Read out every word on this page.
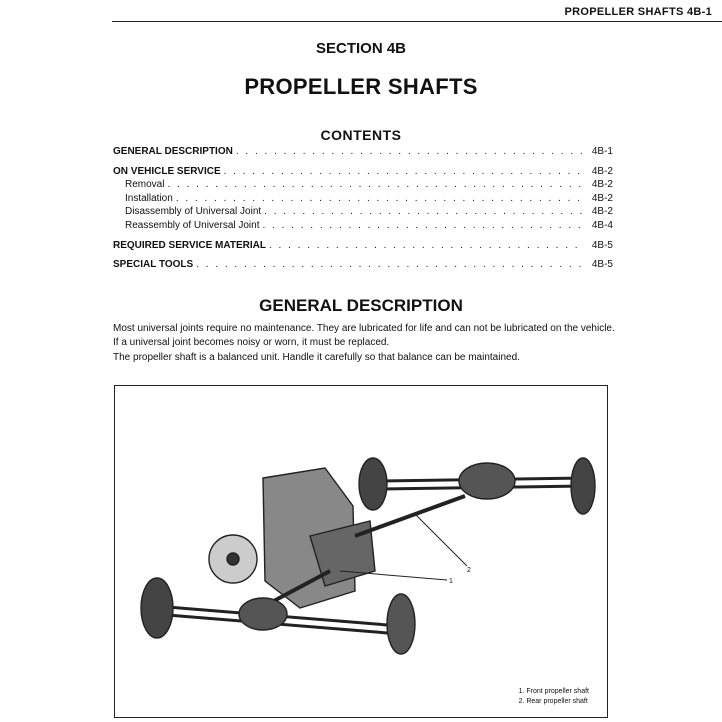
PROPELLER SHAFTS 4B-1
SECTION 4B
PROPELLER SHAFTS
CONTENTS
GENERAL DESCRIPTION . . .	4B-1
ON VEHICLE SERVICE . . .	4B-2
Removal . . .	4B-2
Installation . . .	4B-2
Disassembly of Universal Joint . . .	4B-2
Reassembly of Universal Joint . . .	4B-4
REQUIRED SERVICE MATERIAL . . .	4B-5
SPECIAL TOOLS . . .	4B-5
GENERAL DESCRIPTION
Most universal joints require no maintenance. They are lubricated for life and can not be lubricated on the vehicle. If a universal joint becomes noisy or worn, it must be replaced.
The propeller shaft is a balanced unit. Handle it carefully so that balance can be maintained.
1
2
1. Front propeller shaft
2. Rear propeller shaft
